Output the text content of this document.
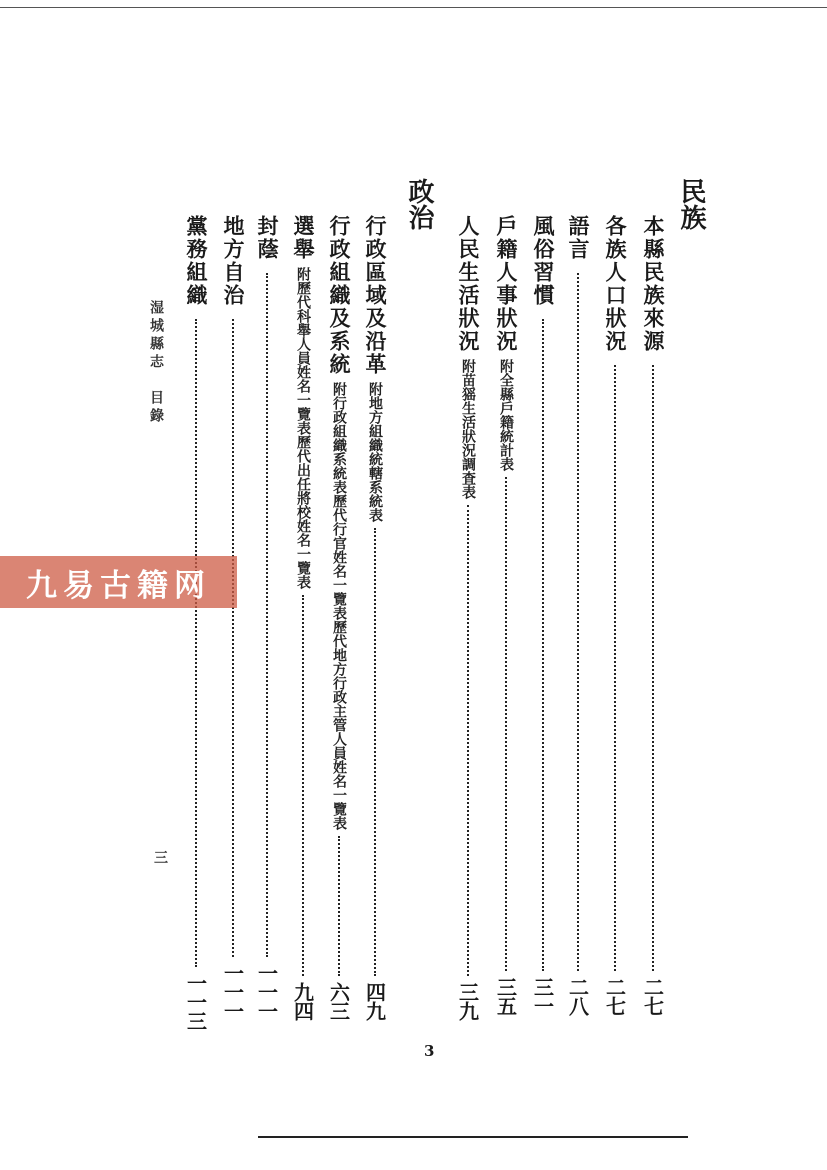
民族
政治
本縣民族來源
二七
各族人口狀況
二七
語言
二八
風俗習慣
三一
戶籍人事狀況附全縣戶籍統計表
三五
人民生活狀況附苗猺生活狀況調査表
三九
行政區域及沿革附地方組織統轄系統表
四九
行政組織及系統附行政組織系統表歷代行官姓名一覽表歷代地方行政主管人員姓名一覽表
六三
選舉附歷代科舉人員姓名一覽表歷代出任將校姓名一覽表
九四
封蔭
一一一
地方自治
一一一
黨務組織
一一三
湿城縣志　目錄
三
3
九易古籍网
